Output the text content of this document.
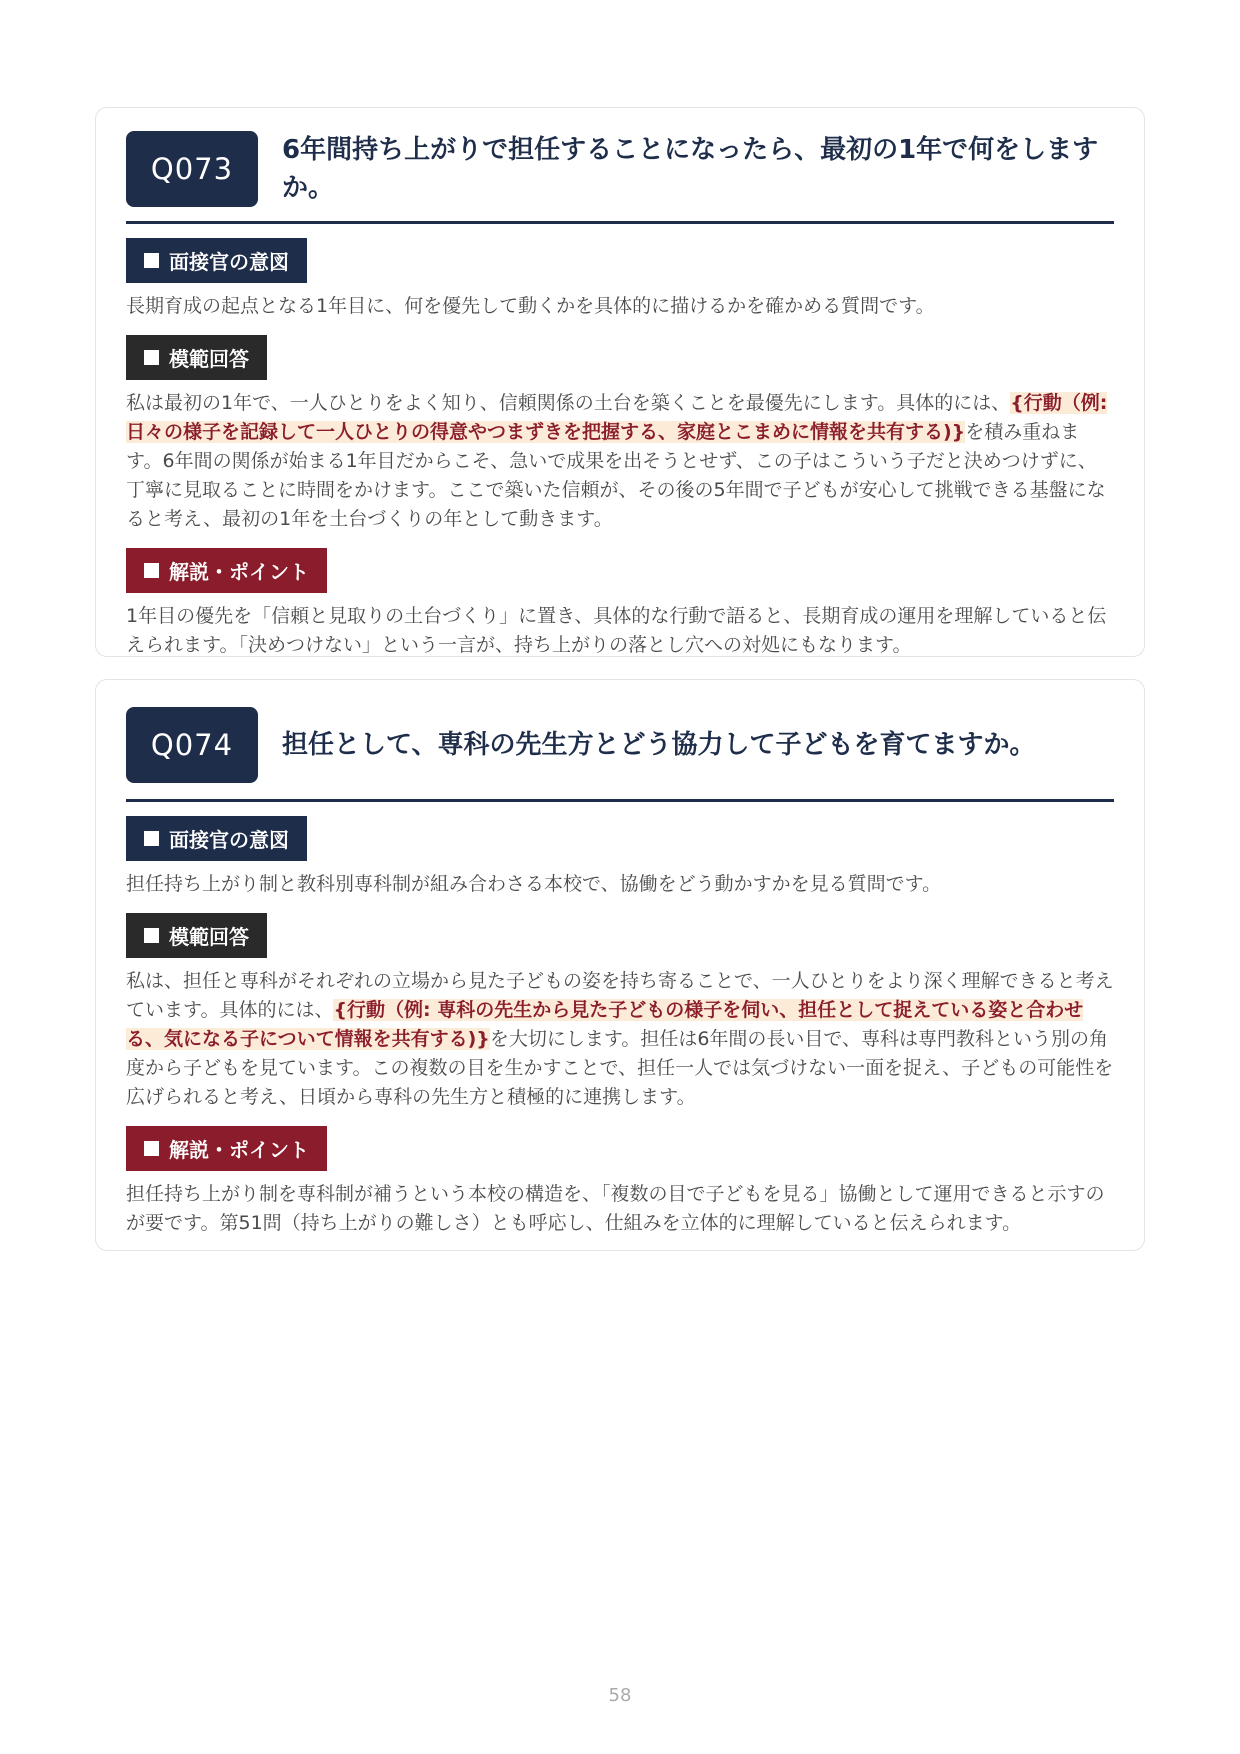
Q073
6年間持ち上がりで担任することになったら、最初の1年で何をしますか。
面接官の意図
長期育成の起点となる1年目に、何を優先して動くかを具体的に描けるかを確かめる質問です。
模範回答
私は最初の1年で、一人ひとりをよく知り、信頼関係の土台を築くことを最優先にします。具体的には、{行動（例: 日々の様子を記録して一人ひとりの得意やつまずきを把握する、家庭とこまめに情報を共有する)}を積み重ねます。6年間の関係が始まる1年目だからこそ、急いで成果を出そうとせず、この子はこういう子だと決めつけずに、丁寧に見取ることに時間をかけます。ここで築いた信頼が、その後の5年間で子どもが安心して挑戦できる基盤になると考え、最初の1年を土台づくりの年として動きます。
解説・ポイント
1年目の優先を「信頼と見取りの土台づくり」に置き、具体的な行動で語ると、長期育成の運用を理解していると伝えられます。「決めつけない」という一言が、持ち上がりの落とし穴への対処にもなります。
Q074	担任として、専科の先生方とどう協力して子どもを育てますか。
面接官の意図
担任持ち上がり制と教科別専科制が組み合わさる本校で、協働をどう動かすかを見る質問です。
模範回答
私は、担任と専科がそれぞれの立場から見た子どもの姿を持ち寄ることで、一人ひとりをより深く理解できると考えています。具体的には、{行動（例: 専科の先生から見た子どもの様子を伺い、担任として捉えている姿と合わせる、気になる子について情報を共有する)}を大切にします。担任は6年間の長い目で、専科は専門教科という別の角度から子どもを見ています。この複数の目を生かすことで、担任一人では気づけない一面を捉え、子どもの可能性を広げられると考え、日頃から専科の先生方と積極的に連携します。
解説・ポイント
担任持ち上がり制を専科制が補うという本校の構造を、「複数の目で子どもを見る」協働として運用できると示すのが要です。第51問（持ち上がりの難しさ）とも呼応し、仕組みを立体的に理解していると伝えられます。
58
